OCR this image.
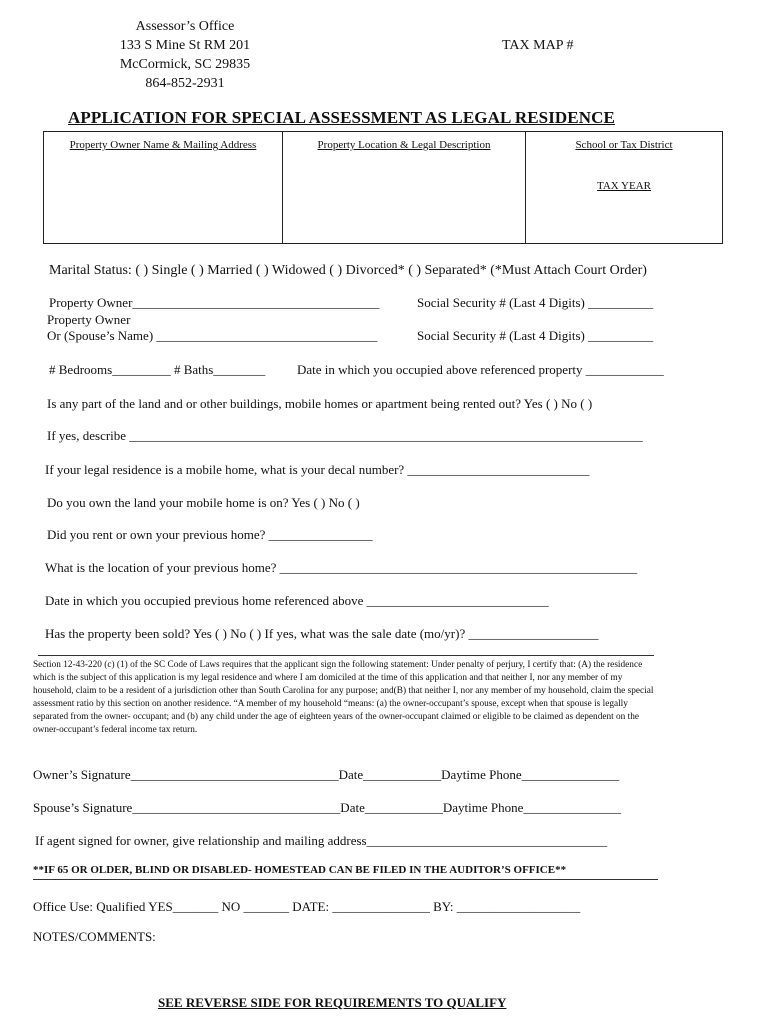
Assessor’s Office
133 S Mine St RM 201
McCormick, SC 29835
864-852-2931
TAX MAP #
APPLICATION FOR SPECIAL ASSESSMENT AS LEGAL RESIDENCE
Property Owner Name & Mailing Address	Property Location & Legal Description	School or Tax District
TAX YEAR
Marital Status: ( ) Single ( ) Married ( ) Widowed ( ) Divorced* ( ) Separated* (*Must Attach Court Order)
Property Owner______________________________________	Social Security # (Last 4 Digits) __________
Property Owner
Or (Spouse’s Name) __________________________________	Social Security # (Last 4 Digits) __________
# Bedrooms_________ # Baths________ Date in which you occupied above referenced property ____________
Is any part of the land and or other buildings, mobile homes or apartment being rented out? Yes ( ) No ( )
If yes, describe _______________________________________________________________________________
If your legal residence is a mobile home, what is your decal number? ____________________________
Do you own the land your mobile home is on? Yes ( ) No ( )
Did you rent or own your previous home? ________________
What is the location of your previous home? _______________________________________________________
Date in which you occupied previous home referenced above ____________________________
Has the property been sold? Yes ( ) No ( ) If yes, what was the sale date (mo/yr)? ____________________
Section 12-43-220 (c) (1) of the SC Code of Laws requires that the applicant sign the following statement: Under penalty of perjury, I certify that: (A) the residence which is the subject of this application is my legal residence and where I am domiciled at the time of this application and that neither I, nor any member of my household, claim to be a resident of a jurisdiction other than South Carolina for any purpose; and(B) that neither I, nor any member of my household, claim the special assessment ratio by this section on another residence. “A member of my household “means: (a) the owner-occupant’s spouse, except when that spouse is legally separated from the owner- occupant; and (b) any child under the age of eighteen years of the owner-occupant claimed or eligible to be claimed as dependent on the owner-occupant’s federal income tax return.
Owner’s Signature________________________________Date____________Daytime Phone_______________
Spouse’s Signature________________________________Date____________Daytime Phone_______________
If agent signed for owner, give relationship and mailing address_____________________________________
**IF 65 OR OLDER, BLIND OR DISABLED- HOMESTEAD CAN BE FILED IN THE AUDITOR’S OFFICE**
Office Use: Qualified YES_______ NO _______ DATE: _______________ BY: ___________________
NOTES/COMMENTS:
SEE REVERSE SIDE FOR REQUIREMENTS TO QUALIFY
